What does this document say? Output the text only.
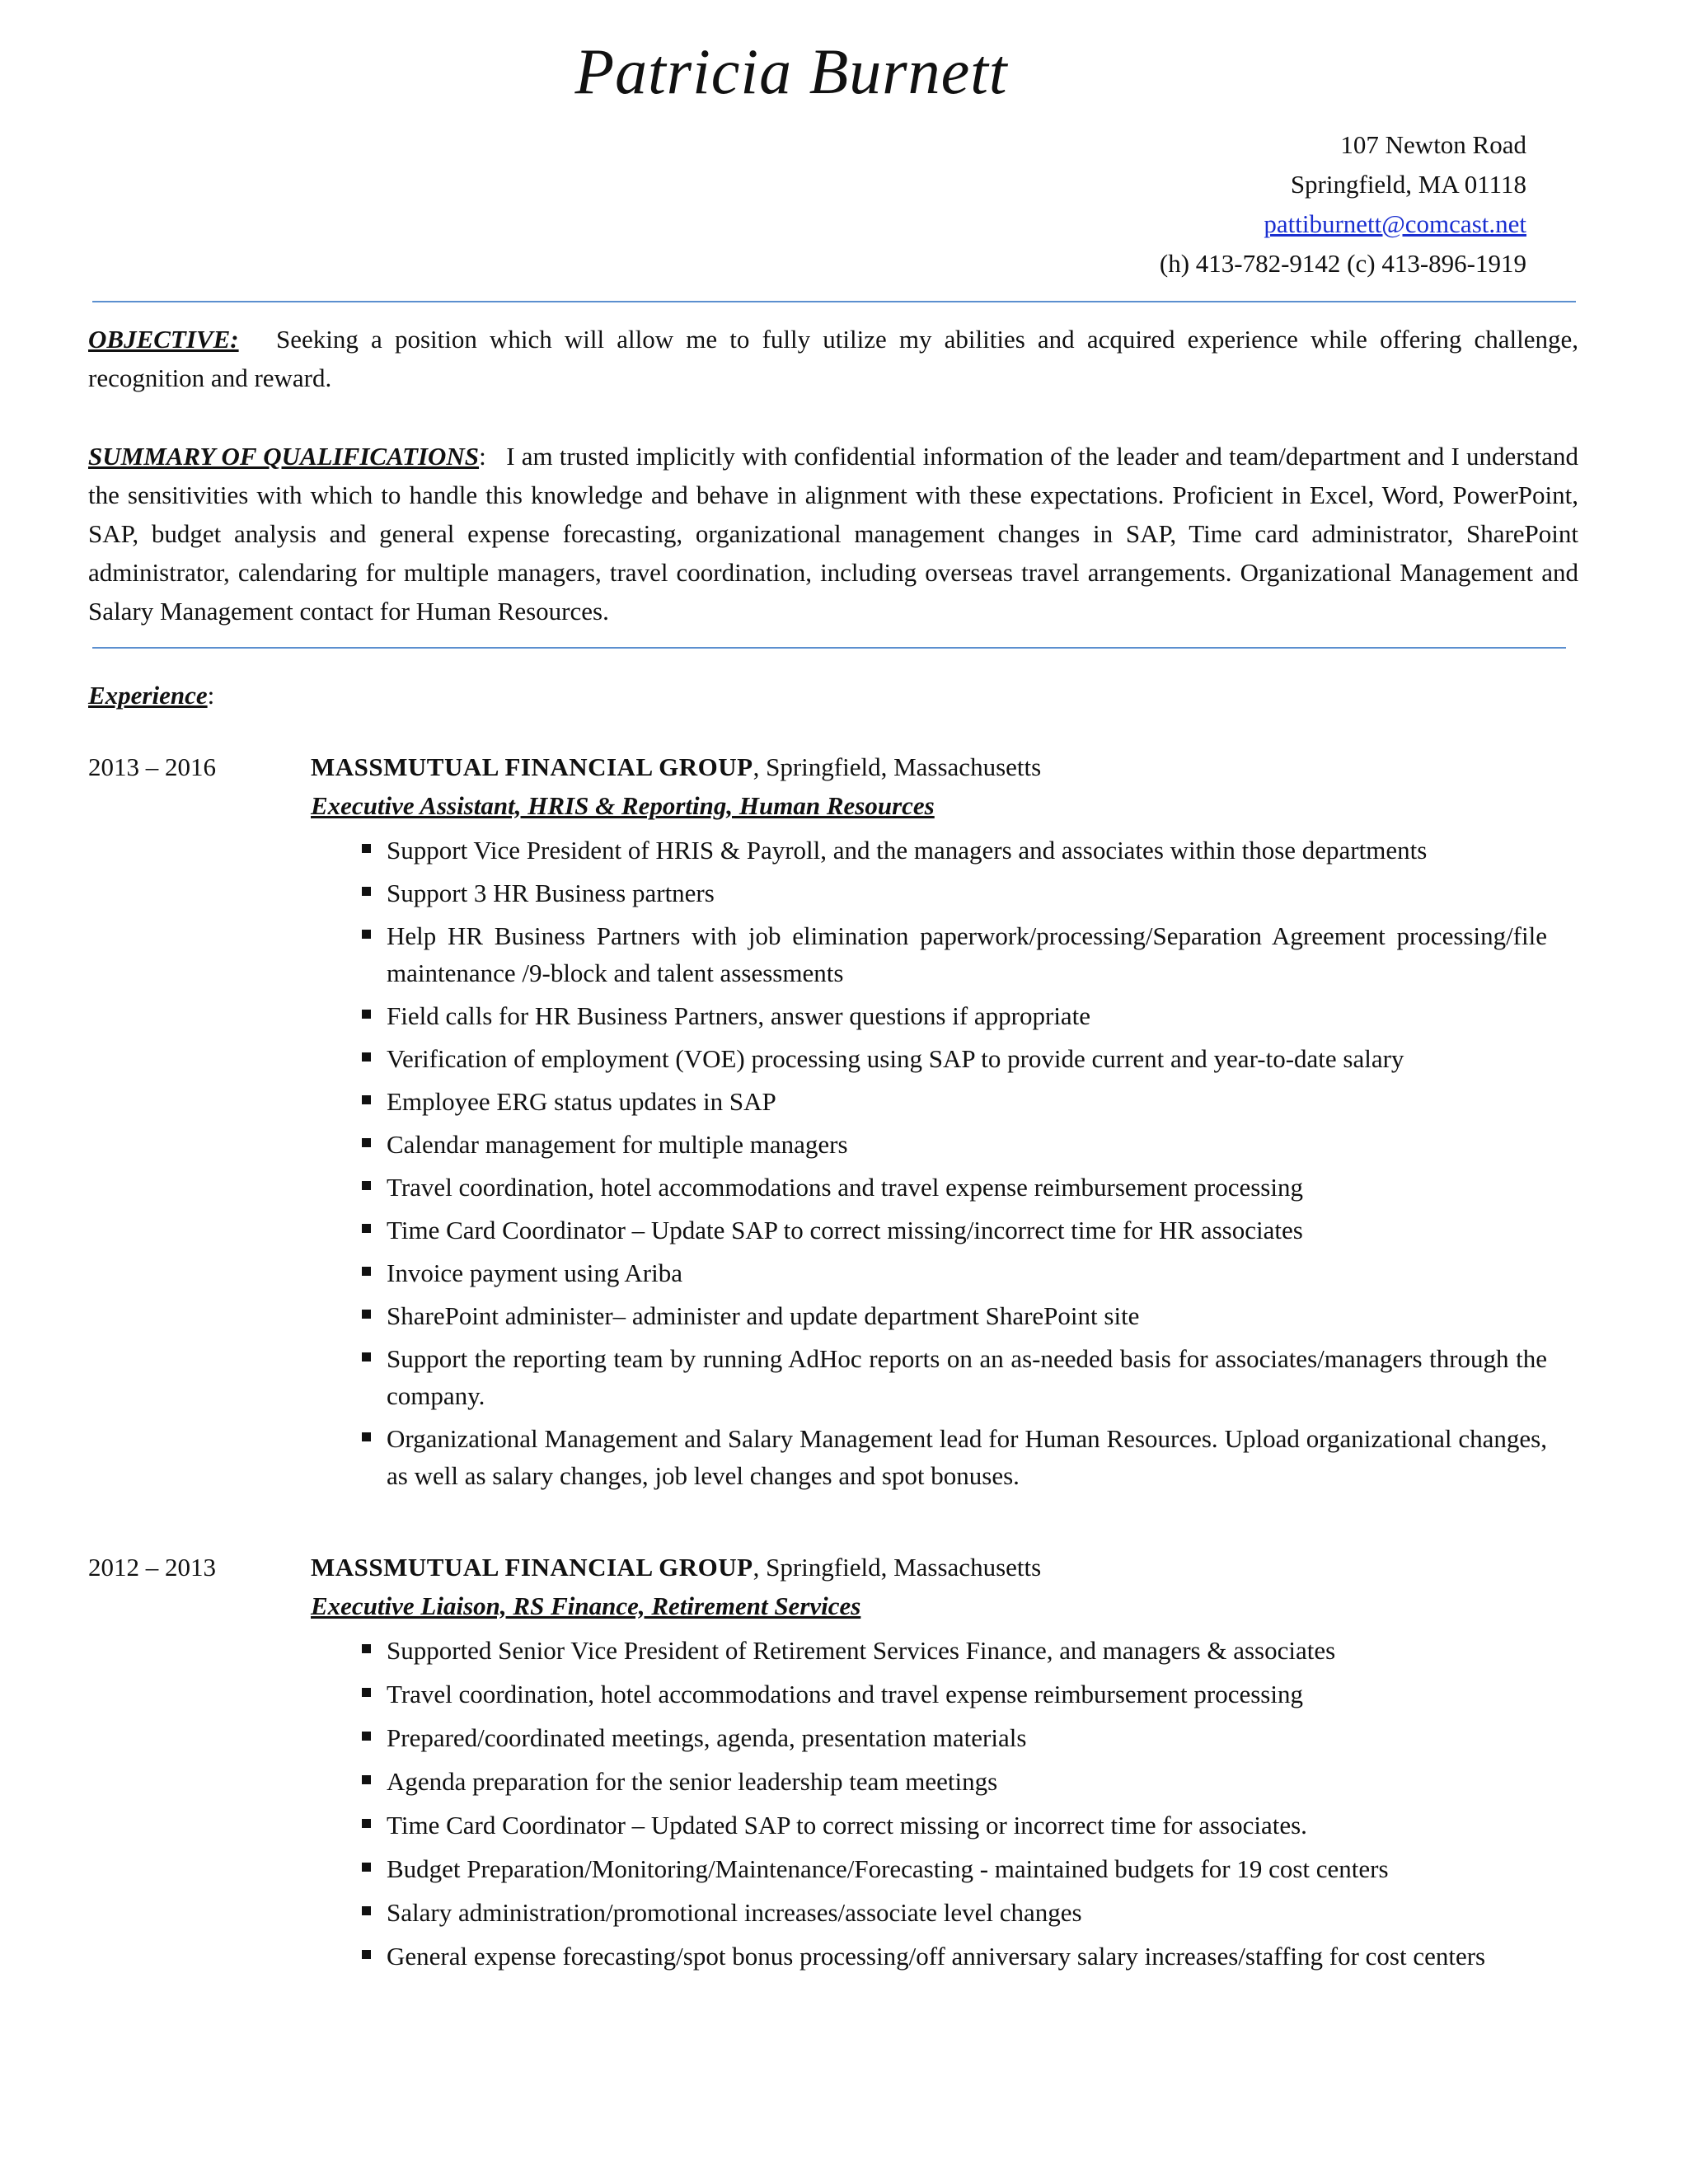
Patricia Burnett
107 Newton Road
Springfield, MA 01118
pattiburnett@comcast.net
(h) 413-782-9142 (c) 413-896-1919
OBJECTIVE: Seeking a position which will allow me to fully utilize my abilities and acquired experience while offering challenge, recognition and reward.
SUMMARY OF QUALIFICATIONS: I am trusted implicitly with confidential information of the leader and team/department and I understand the sensitivities with which to handle this knowledge and behave in alignment with these expectations. Proficient in Excel, Word, PowerPoint, SAP, budget analysis and general expense forecasting, organizational management changes in SAP, Time card administrator, SharePoint administrator, calendaring for multiple managers, travel coordination, including overseas travel arrangements. Organizational Management and Salary Management contact for Human Resources.
Experience:
2013 – 2016	MASSMUTUAL FINANCIAL GROUP, Springfield, Massachusetts
Executive Assistant, HRIS & Reporting, Human Resources
Support Vice President of HRIS & Payroll, and the managers and associates within those departments
Support 3 HR Business partners
Help HR Business Partners with job elimination paperwork/processing/Separation Agreement processing/file maintenance /9-block and talent assessments
Field calls for HR Business Partners, answer questions if appropriate
Verification of employment (VOE) processing using SAP to provide current and year-to-date salary
Employee ERG status updates in SAP
Calendar management for multiple managers
Travel coordination, hotel accommodations and travel expense reimbursement processing
Time Card Coordinator – Update SAP to correct missing/incorrect time for HR associates
Invoice payment using Ariba
SharePoint administer– administer and update department SharePoint site
Support the reporting team by running AdHoc reports on an as-needed basis for associates/managers through the company.
Organizational Management and Salary Management lead for Human Resources. Upload organizational changes, as well as salary changes, job level changes and spot bonuses.
2012 – 2013	MASSMUTUAL FINANCIAL GROUP, Springfield, Massachusetts
Executive Liaison, RS Finance, Retirement Services
Supported Senior Vice President of Retirement Services Finance, and managers & associates
Travel coordination, hotel accommodations and travel expense reimbursement processing
Prepared/coordinated meetings, agenda, presentation materials
Agenda preparation for the senior leadership team meetings
Time Card Coordinator – Updated SAP to correct missing or incorrect time for associates.
Budget Preparation/Monitoring/Maintenance/Forecasting - maintained budgets for 19 cost centers
Salary administration/promotional increases/associate level changes
General expense forecasting/spot bonus processing/off anniversary salary increases/staffing for cost centers
